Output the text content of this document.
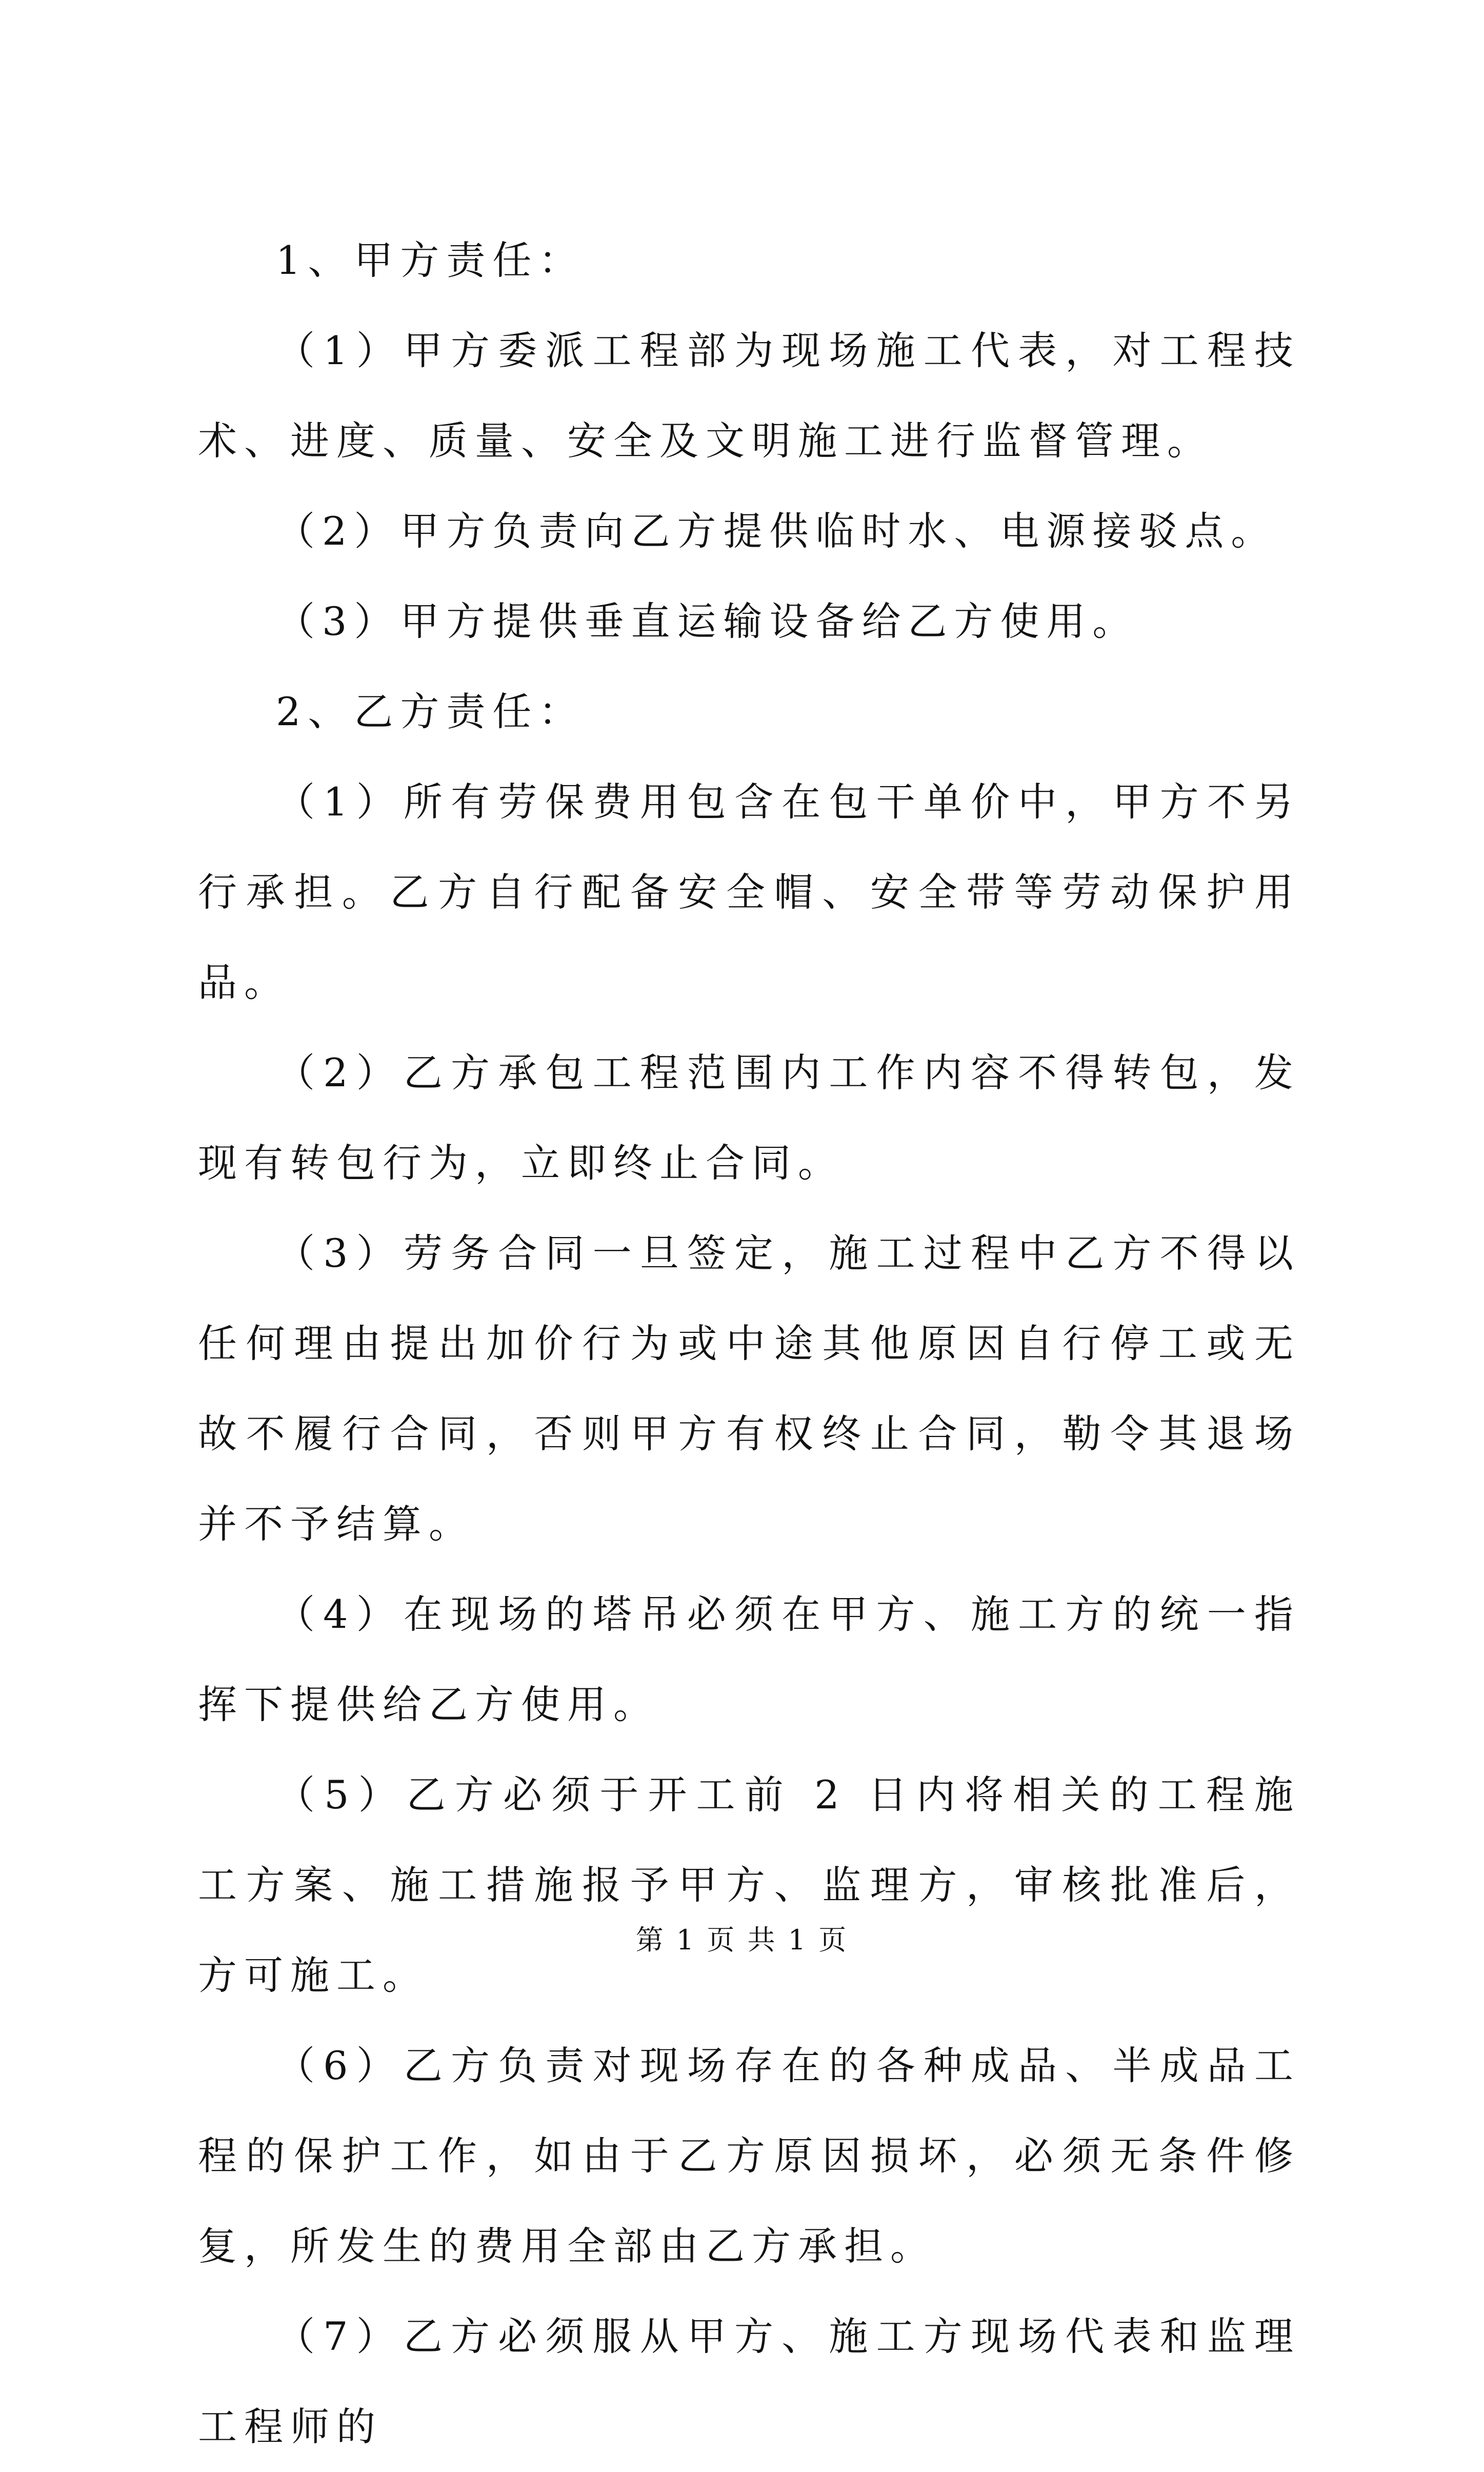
1、甲方责任：

（1）甲方委派工程部为现场施工代表，对工程技术、进度、质量、安全及文明施工进行监督管理。

（2）甲方负责向乙方提供临时水、电源接驳点。

（3）甲方提供垂直运输设备给乙方使用。

2、乙方责任：

（1）所有劳保费用包含在包干单价中，甲方不另行承担。乙方自行配备安全帽、安全带等劳动保护用品。

（2）乙方承包工程范围内工作内容不得转包，发现有转包行为，立即终止合同。

（3）劳务合同一旦签定，施工过程中乙方不得以任何理由提出加价行为或中途其他原因自行停工或无故不履行合同，否则甲方有权终止合同，勒令其退场并不予结算。

（4）在现场的塔吊必须在甲方、施工方的统一指挥下提供给乙方使用。

（5）乙方必须于开工前 2 日内将相关的工程施工方案、施工措施报予甲方、监理方，审核批准后，方可施工。

（6）乙方负责对现场存在的各种成品、半成品工程的保护工作，如由于乙方原因损坏，必须无条件修复，所发生的费用全部由乙方承担。

（7）乙方必须服从甲方、施工方现场代表和监理工程师的

第 1 页 共 1 页
